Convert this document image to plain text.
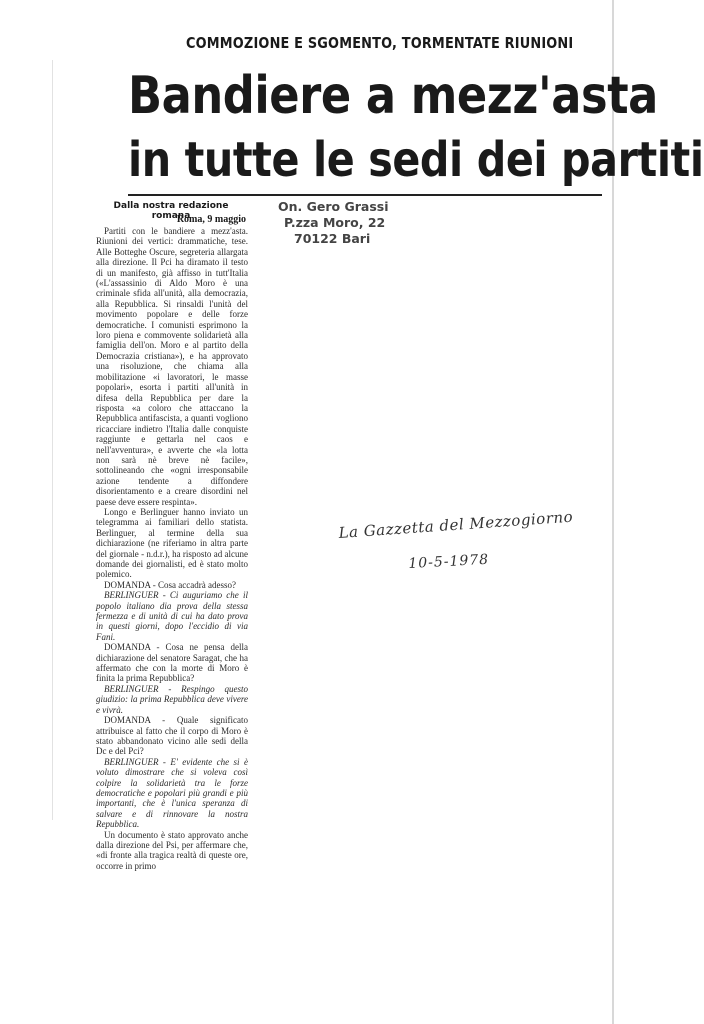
COMMOZIONE E SGOMENTO, TORMENTATE RIUNIONI
Bandiere a mezz'asta
in tutte le sedi dei partiti
Dalla nostra redazione romana
Roma, 9 maggio

Partiti con le bandiere a mezz'asta. Riunioni dei vertici: drammatiche, tese. Alle Botteghe Oscure, segreteria allargata alla direzione. Il Pci ha diramato il testo di un manifesto, già affisso in tutt'Italia («L'assassinio di Aldo Moro è una criminale sfida all'unità, alla democrazia, alla Repubblica. Si rinsaldi l'unità del movimento popolare e delle forze democratiche. I comunisti esprimono la loro piena e commovente solidarietà alla famiglia dell'on. Moro e al partito della Democrazia cristiana»), e ha approvato una risoluzione, che chiama alla mobilitazione «i lavoratori, le masse popolari», esorta i partiti all'unità in difesa della Repubblica per dare la risposta «a coloro che attaccano la Repubblica antifascista, a quanti vogliono ricacciare indietro l'Italia dalle conquiste raggiunte e gettarla nel caos e nell'avventura», e avverte che «la lotta non sarà nè breve nè facile», sottolineando che «ogni irresponsabile azione tendente a diffondere disorientamento e a creare disordini nel paese deve essere respinta».

Longo e Berlinguer hanno inviato un telegramma ai familiari dello statista. Berlinguer, al termine della sua dichiarazione (ne riferiamo in altra parte del giornale - n.d.r.), ha risposto ad alcune domande dei giornalisti, ed è stato molto polemico.

DOMANDA - Cosa accadrà adesso?

BERLINGUER - Ci auguriamo che il popolo italiano dia prova della stessa fermezza e di unità di cui ha dato prova in questi giorni, dopo l'eccidio di via Fani.

DOMANDA - Cosa ne pensa della dichiarazione del senatore Saragat, che ha affermato che con la morte di Moro è finita la prima Repubblica?

BERLINGUER - Respingo questo giudizio: la prima Repubblica deve vivere e vivrà.

DOMANDA - Quale significato attribuisce al fatto che il corpo di Moro è stato abbandonato vicino alle sedi della Dc e del Pci?

BERLINGUER - E' evidente che si è voluto dimostrare che si voleva così colpire la solidarietà tra le forze democratiche e popolari più grandi e più importanti, che è l'unica speranza di salvare e di rinnovare la nostra Repubblica.

Un documento è stato approvato anche dalla direzione del Psi, per affermare che, «di fronte alla tragica realtà di queste ore, occorre in primo

On. Gero Grassi
P.zza Moro, 22
70122 Bari
La Gazzetta del Mezzogiorno
10-5-1978
